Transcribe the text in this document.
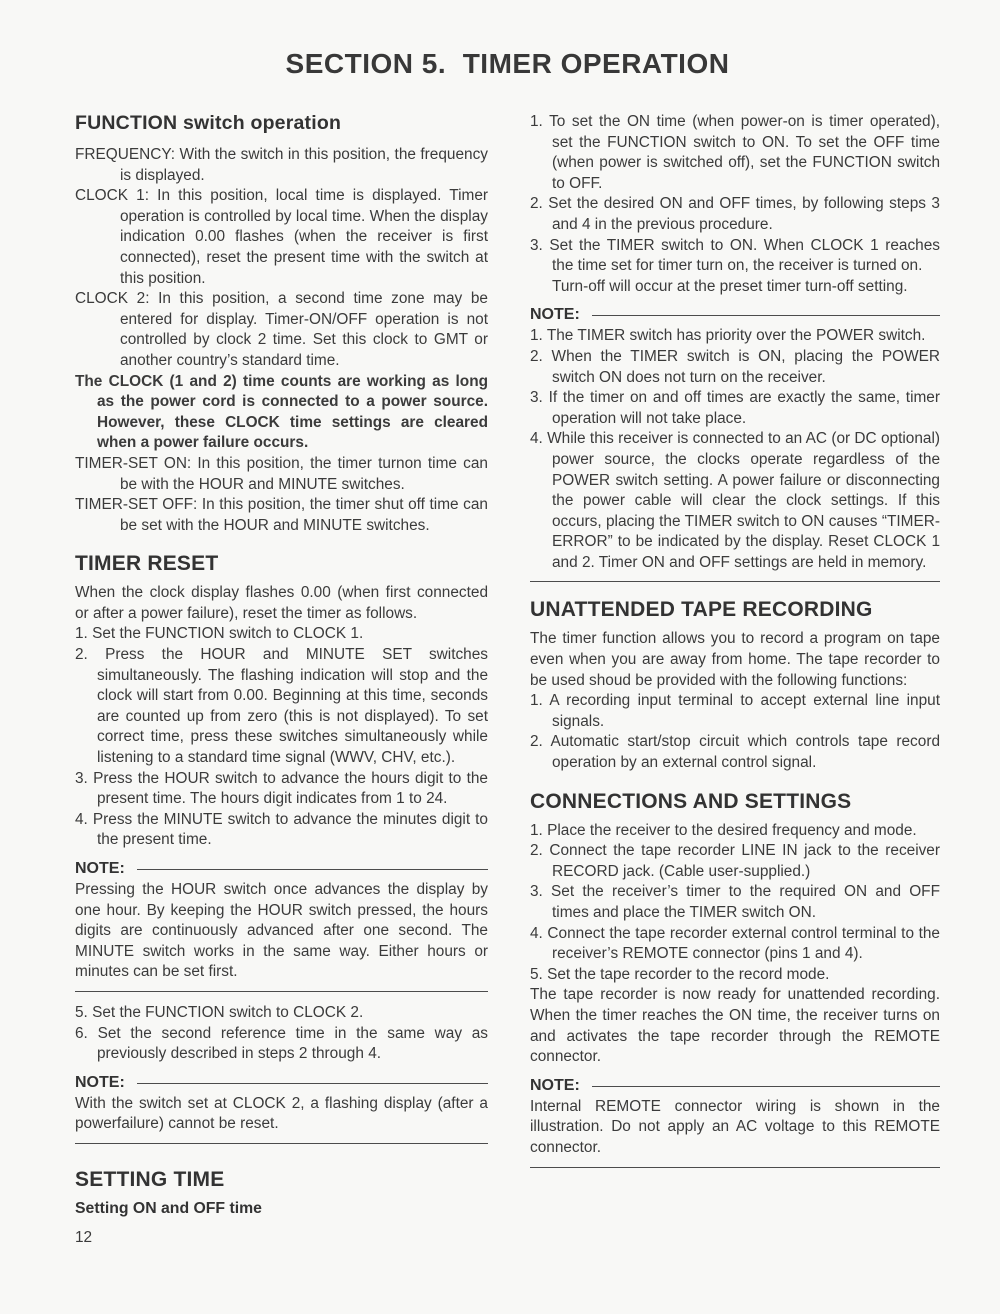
SECTION 5.  TIMER OPERATION
FUNCTION switch operation

FREQUENCY: With the switch in this position, the frequency is displayed.

CLOCK 1: In this position, local time is displayed. Timer operation is controlled by local time. When the display indication 0.00 flashes (when the receiver is first connected), reset the present time with the switch at this position.

CLOCK 2: In this position, a second time zone may be entered for display. Timer-ON/OFF operation is not controlled by clock 2 time. Set this clock to GMT or another country’s standard time.

The CLOCK (1 and 2) time counts are working as long as the power cord is connected to a power source. However, these CLOCK time settings are cleared when a power failure occurs.

TIMER-SET ON: In this position, the timer turnon time can be with the HOUR and MINUTE switches.

TIMER-SET OFF: In this position, the timer shut off time can be set with the HOUR and MINUTE switches.

TIMER RESET

When the clock display flashes 0.00 (when first connected or after a power failure), reset the timer as follows.

1. Set the FUNCTION switch to CLOCK 1.

2. Press the HOUR and MINUTE SET switches simultaneously. The flashing indication will stop and the clock will start from 0.00. Beginning at this time, seconds are counted up from zero (this is not displayed). To set correct time, press these switches simultaneously while listening to a standard time signal (WWV, CHV, etc.).

3. Press the HOUR switch to advance the hours digit to the present time. The hours digit indicates from 1 to 24.

4. Press the MINUTE switch to advance the minutes digit to the present time.

NOTE:

Pressing the HOUR switch once advances the display by one hour. By keeping the HOUR switch pressed, the hours digits are continuously advanced after one second. The MINUTE switch works in the same way. Either hours or minutes can be set first.

5. Set the FUNCTION switch to CLOCK 2.

6. Set the second reference time in the same way as previously described in steps 2 through 4.

NOTE:

With the switch set at CLOCK 2, a flashing display (after a powerfailure) cannot be reset.

SETTING TIME

Setting ON and OFF time

12

1. To set the ON time (when power-on is timer operated), set the FUNCTION switch to ON. To set the OFF time (when power is switched off), set the FUNCTION switch to OFF.

2. Set the desired ON and OFF times, by following steps 3 and 4 in the previous procedure.

3. Set the TIMER switch to ON. When CLOCK 1 reaches the time set for timer turn on, the receiver is turned on.

Turn-off will occur at the preset timer turn-off setting.

NOTE:

1. The TIMER switch has priority over the POWER switch.

2. When the TIMER switch is ON, placing the POWER switch ON does not turn on the receiver.

3. If the timer on and off times are exactly the same, timer operation will not take place.

4. While this receiver is connected to an AC (or DC optional) power source, the clocks operate regardless of the POWER switch setting. A power failure or disconnecting the power cable will clear the clock settings. If this occurs, placing the TIMER switch to ON causes “TIMER-ERROR” to be indicated by the display. Reset CLOCK 1 and 2. Timer ON and OFF settings are held in memory.

UNATTENDED TAPE RECORDING

The timer function allows you to record a program on tape even when you are away from home. The tape recorder to be used shoud be provided with the following functions:

1. A recording input terminal to accept external line input signals.

2. Automatic start/stop circuit which controls tape record operation by an external control signal.

CONNECTIONS AND SETTINGS

1. Place the receiver to the desired frequency and mode.

2. Connect the tape recorder LINE IN jack to the receiver RECORD jack. (Cable user-supplied.)

3. Set the receiver’s timer to the required ON and OFF times and place the TIMER switch ON.

4. Connect the tape recorder external control terminal to the receiver’s REMOTE connector (pins 1 and 4).

5. Set the tape recorder to the record mode.

The tape recorder is now ready for unattended recording. When the timer reaches the ON time, the receiver turns on and activates the tape recorder through the REMOTE connector.

NOTE:

Internal REMOTE connector wiring is shown in the illustration. Do not apply an AC voltage to this REMOTE connector.
